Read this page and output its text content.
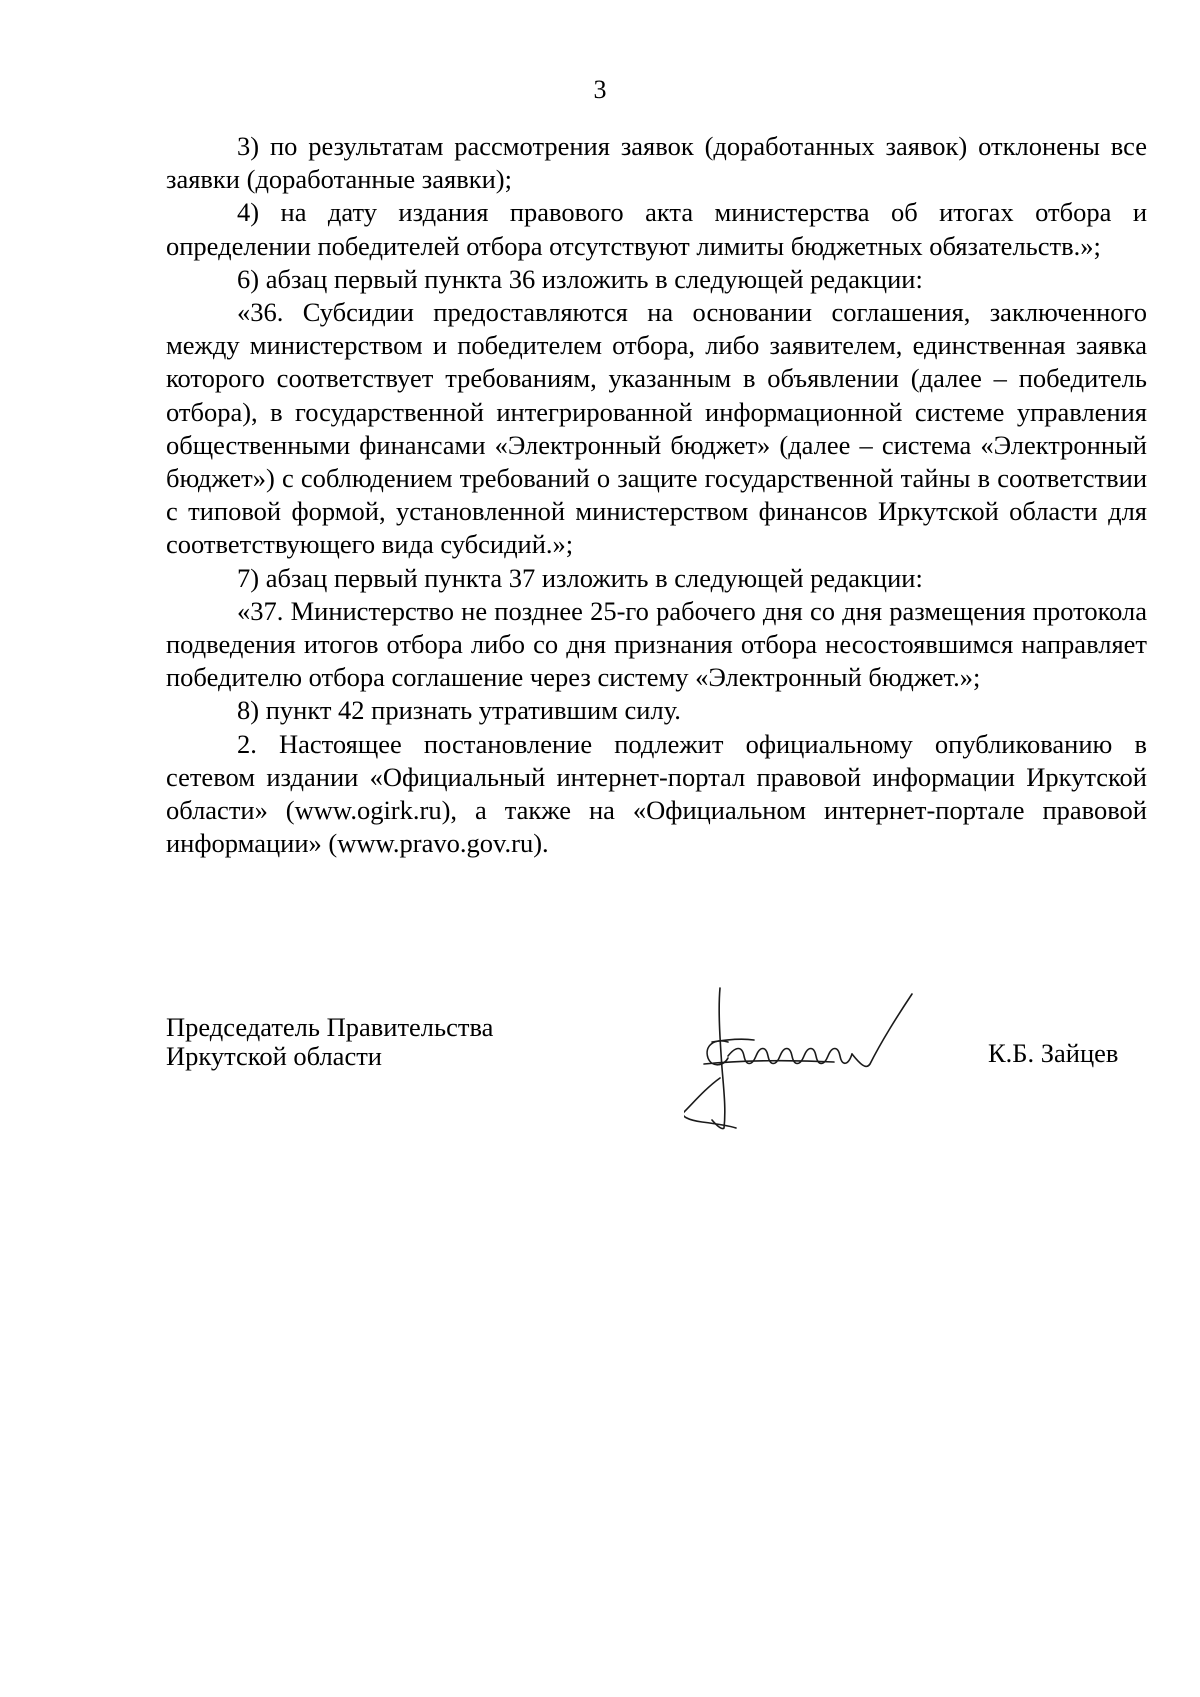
3

3) по результатам рассмотрения заявок (доработанных заявок) отклонены все заявки (доработанные заявки);

4) на дату издания правового акта министерства об итогах отбора и определении победителей отбора отсутствуют лимиты бюджетных обязательств.»;

6) абзац первый пункта 36 изложить в следующей редакции:

«36. Субсидии предоставляются на основании соглашения, заключенного между министерством и победителем отбора, либо заявителем, единственная заявка которого соответствует требованиям, указанным в объявлении (далее – победитель отбора), в государственной интегрированной информационной системе управления общественными финансами «Электронный бюджет» (далее – система «Электронный бюджет») с соблюдением требований о защите государственной тайны в соответствии с типовой формой, установленной министерством финансов Иркутской области для соответствующего вида субсидий.»;

7) абзац первый пункта 37 изложить в следующей редакции:

«37. Министерство не позднее 25-го рабочего дня со дня размещения протокола подведения итогов отбора либо со дня признания отбора несостоявшимся направляет победителю отбора соглашение через систему «Электронный бюджет.»;

8) пункт 42 признать утратившим силу.

2. Настоящее постановление подлежит официальному опубликованию в сетевом издании «Официальный интернет-портал правовой информации Иркутской области» (www.ogirk.ru), а также на «Официальном интернет-портале правовой информации» (www.pravo.gov.ru).

Председатель Правительства
Иркутской области	К.Б. Зайцев
